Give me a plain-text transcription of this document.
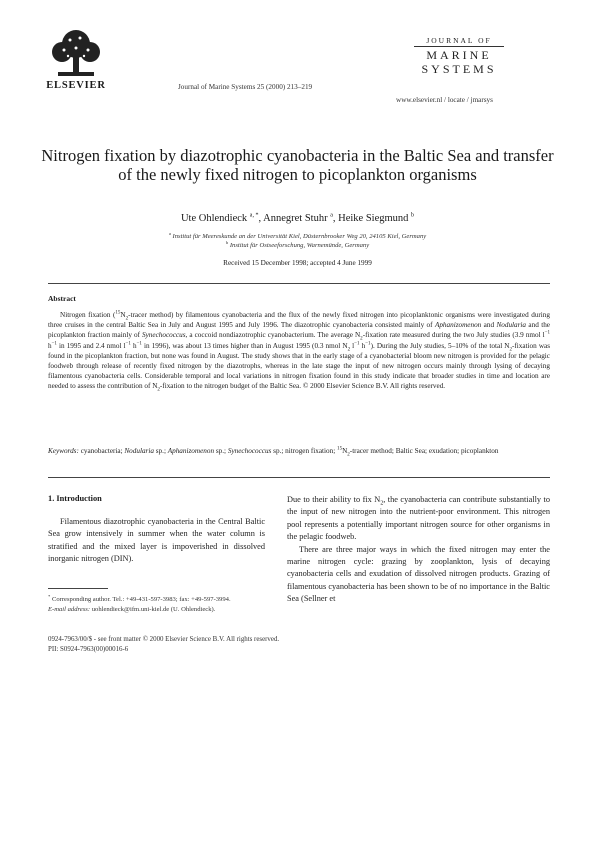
ELSEVIER	Journal of Marine Systems 25 (2000) 213–219
JOURNAL OF
MARINE
SYSTEMS
www.elsevier.nl / locate / jmarsys
Nitrogen fixation by diazotrophic cyanobacteria in the Baltic Sea and transfer of the newly fixed nitrogen to picoplankton organisms
Ute Ohlendieck $^{a, *}$, Annegret Stuhr $^a$, Heike Siegmund $^b$
$^a$ Institut für Meereskunde an der Universität Kiel, Düsternbrooker Weg 20, 24105 Kiel, Germany
$^b$ Institut für Ostseeforschung, Warnemünde, Germany
Received 15 December 1998; accepted 4 June 1999
Abstract
Nitrogen fixation ($^{15}N_2$-tracer method) by filamentous cyanobacteria and the flux of the newly fixed nitrogen into picoplanktonic organisms were investigated during three cruises in the central Baltic Sea in July and August 1995 and July 1996. The diazotrophic cyanobacteria consisted mainly of Aphanizomenon and Nodularia and the picoplankton fraction mainly of Synechococcus, a coccoid nondiazotrophic cyanobacterium. The average $N_2$-fixation rate measured during the two July studies (3.9 nmol $l^{-1}$ $h^{-1}$ in 1995 and 2.4 nmol $l^{-1}$ $h^{-1}$ in 1996), was about 13 times higher than in August 1995 (0.3 nmol $N_2$ $l^{-1}$ $h^{-1}$). During the July studies, 5–10% of the total $N_2$-fixation was found in the picoplankton fraction, but none was found in August. The study shows that in the early stage of a cyanobacterial bloom new nitrogen is provided for the pelagic foodweb through release of recently fixed nitrogen by the diazotrophs, whereas in the late stage the input of new nitrogen occurs mainly through lysing of decaying filamentous cyanobacteria cells. Considerable temporal and local variations in nitrogen fixation found in this study indicate that broader studies in time and location are needed to assess the contribution of $N_2$-fixation to the nitrogen budget of the Baltic Sea. © 2000 Elsevier Science B.V. All rights reserved.
Keywords: cyanobacteria; Nodularia sp.; Aphanizomenon sp.; Synechococcus sp.; nitrogen fixation; $^{15}N_2$-tracer method; Baltic Sea; exudation; picoplankton
1. Introduction
Filamentous diazotrophic cyanobacteria in the Central Baltic Sea grow intensively in summer when the water column is stratified and the mixed layer is impoverished in dissolved inorganic nitrogen (DIN).

Due to their ability to fix $N_2$, the cyanobacteria can contribute substantially to the input of new nitrogen into the nutrient-poor environment. This nitrogen pool represents a potentially important nitrogen source for other organisms in the pelagic foodweb.

There are three major ways in which the fixed nitrogen may enter the marine nitrogen cycle: grazing by zooplankton, lysis of decaying cyanobacteria cells and exudation of dissolved nitrogen products. Grazing of filamentous cyanobacteria has been shown to be of no importance in the Baltic Sea (Sellner et

* Corresponding author. Tel.: +49-431-597-3983; fax: +49-597-3994.
E-mail address: uohlendieck@ifm.uni-kiel.de (U. Ohlendieck).
0924-7963/00/$ - see front matter © 2000 Elsevier Science B.V. All rights reserved.
PII: S0924-7963(00)00016-6
